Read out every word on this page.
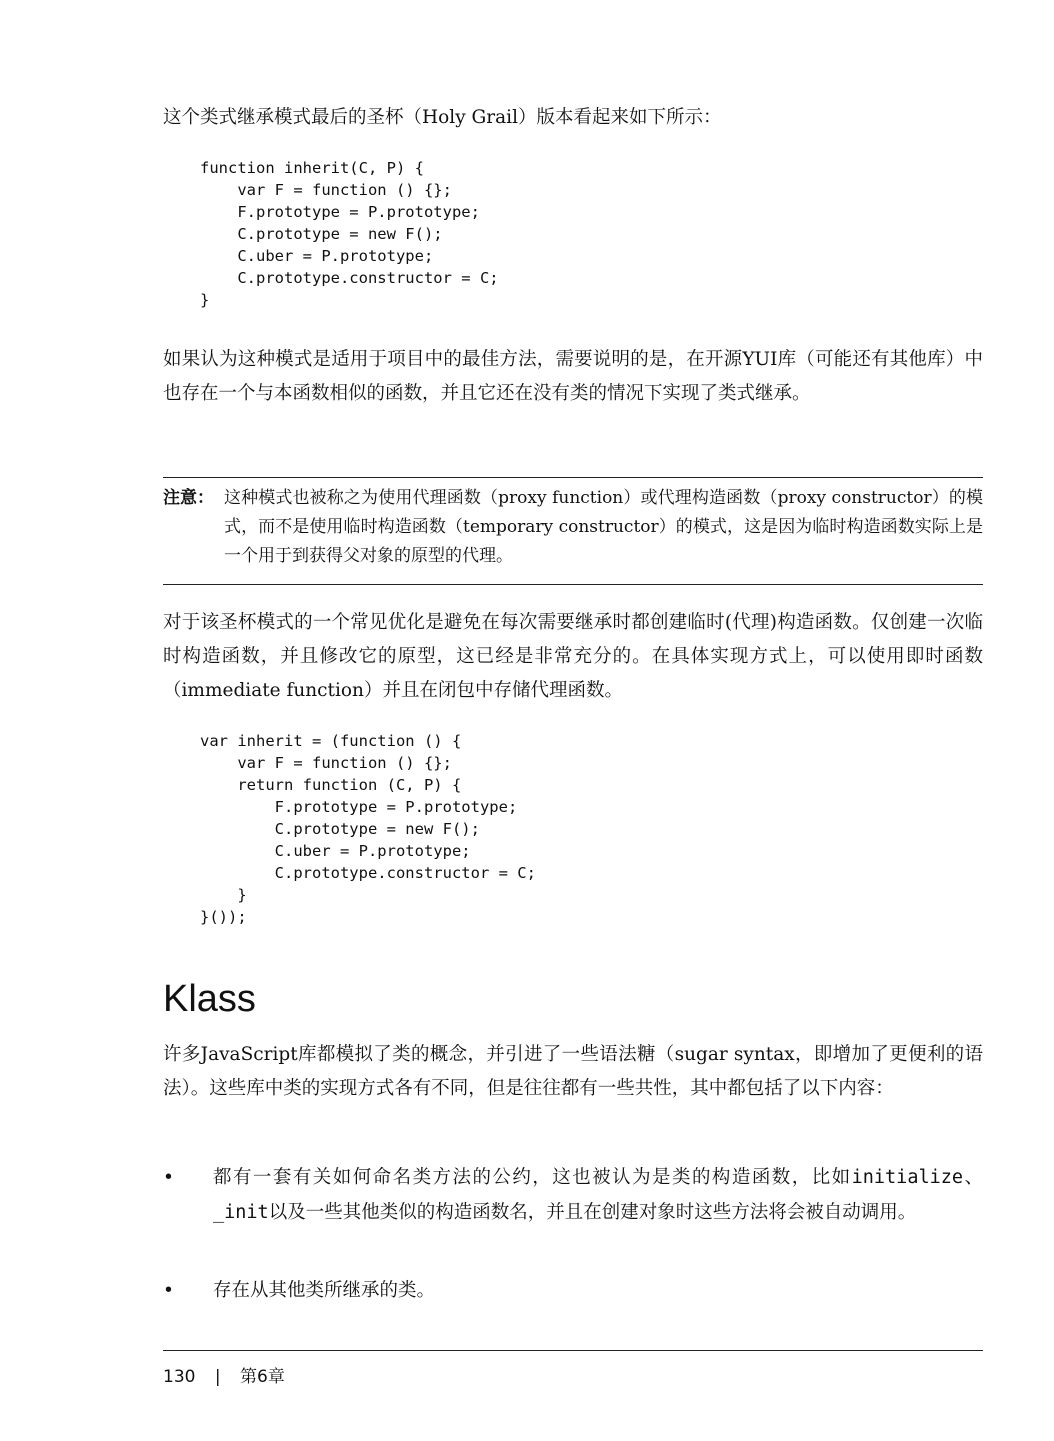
这个类式继承模式最后的圣杯（Holy Grail）版本看起来如下所示：

function inherit(C, P) {
var F = function () {};
F.prototype = P.prototype;
C.prototype = new F();
C.uber = P.prototype;
C.prototype.constructor = C;
}

如果认为这种模式是适用于项目中的最佳方法，需要说明的是，在开源YUI库（可能还有其他库）中也存在一个与本函数相似的函数，并且它还在没有类的情况下实现了类式继承。

注意： 这种模式也被称之为使用代理函数（proxy function）或代理构造函数（proxy constructor）的模式，而不是使用临时构造函数（temporary constructor）的模式，这是因为临时构造函数实际上是一个用于到获得父对象的原型的代理。

对于该圣杯模式的一个常见优化是避免在每次需要继承时都创建临时(代理)构造函数。仅创建一次临时构造函数，并且修改它的原型，这已经是非常充分的。在具体实现方式上，可以使用即时函数（immediate function）并且在闭包中存储代理函数。

var inherit = (function () {
var F = function () {};
return function (C, P) {
F.prototype = P.prototype;
C.prototype = new F();
C.uber = P.prototype;
C.prototype.constructor = C;
}
}());
Klass

许多JavaScript库都模拟了类的概念，并引进了一些语法糖（sugar syntax，即增加了更便利的语法）。这些库中类的实现方式各有不同，但是往往都有一些共性，其中都包括了以下内容：

• 都有一套有关如何命名类方法的公约，这也被认为是类的构造函数，比如initialize、_init以及一些其他类似的构造函数名，并且在创建对象时这些方法将会被自动调用。
• 存在从其他类所继承的类。
130 | 第6章
